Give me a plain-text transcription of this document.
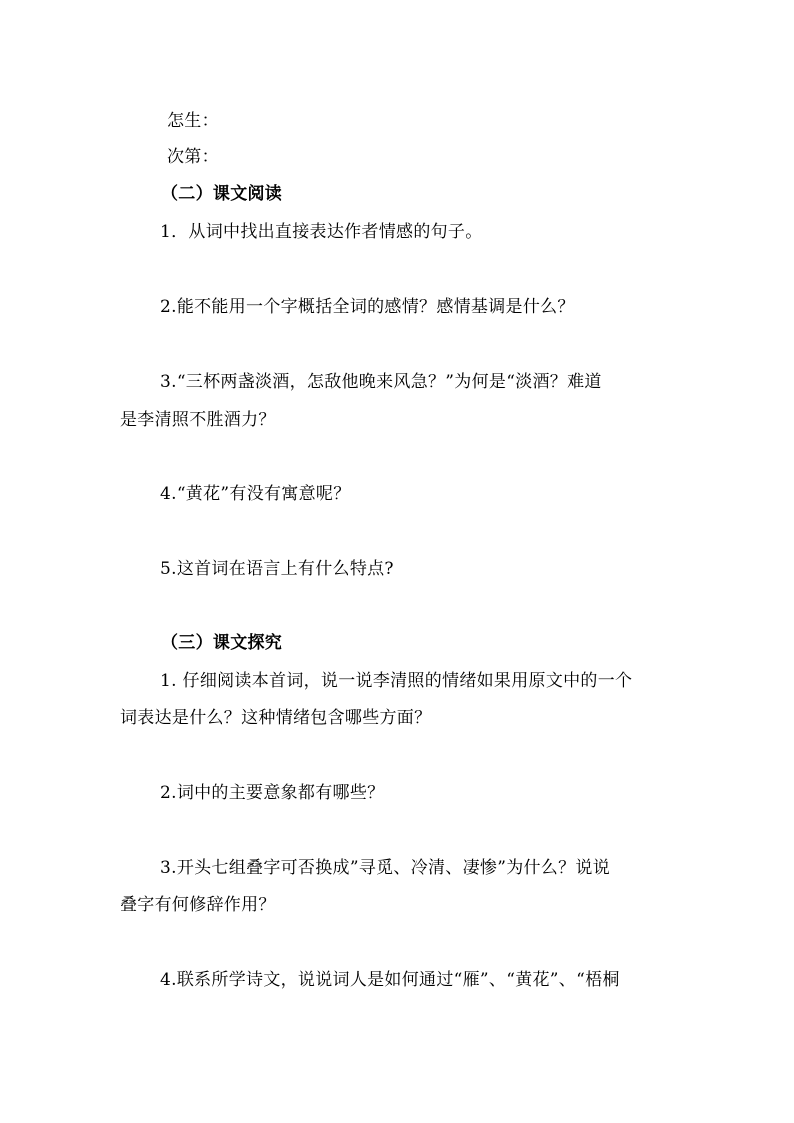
怎生：
次第：
（二）课文阅读
1．从词中找出直接表达作者情感的句子。
2.能不能用一个字概括全词的感情？感情基调是什么？
3.“三杯两盏淡酒，怎敌他晚来风急？”为何是“淡酒？难道
是李清照不胜酒力？
4.“黄花”有没有寓意呢？
5.这首词在语言上有什么特点?
（三）课文探究
1. 仔细阅读本首词，说一说李清照的情绪如果用原文中的一个
词表达是什么？这种情绪包含哪些方面？
2.词中的主要意象都有哪些？
3.开头七组叠字可否换成”寻觅、冷清、凄惨”为什么？说说
叠字有何修辞作用？
4.联系所学诗文，说说词人是如何通过“雁”、“黄花”、“梧桐
